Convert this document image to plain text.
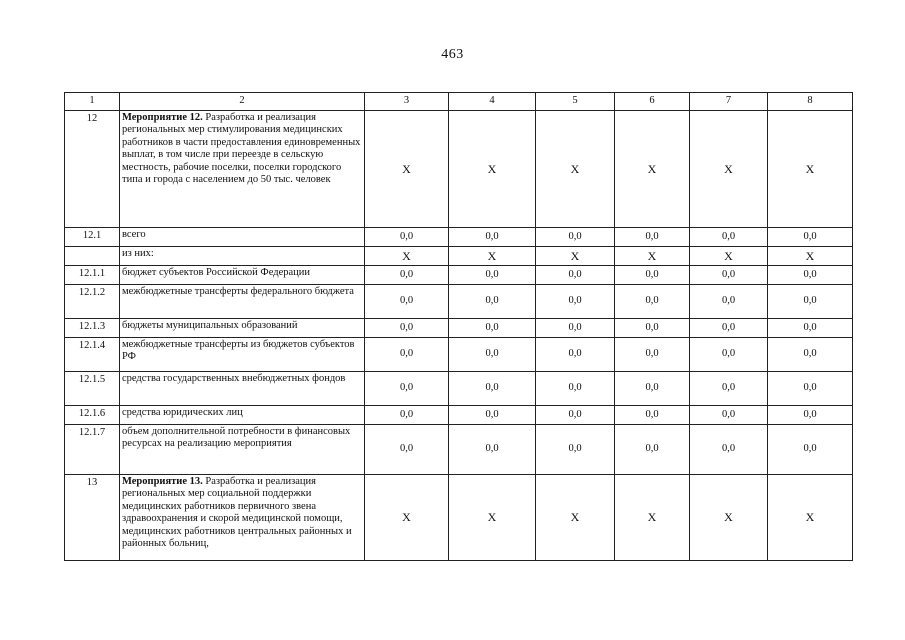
463
1	2	3	4	5	6	7	8
12	Мероприятие 12. Разработка и реализация региональных мер стимулирования медицинских работников в части предоставления единовременных выплат, в том числе при переезде в сельскую местность, рабочие поселки, поселки городского типа и города с населением до 50 тыс. человек	X	X	X	X	X	X
12.1	всего	0,0	0,0	0,0	0,0	0,0	0,0
	из них:	X	X	X	X	X	X
12.1.1	бюджет субъектов Российской Федерации	0,0	0,0	0,0	0,0	0,0	0,0
12.1.2	межбюджетные трансферты федерального бюджета	0,0	0,0	0,0	0,0	0,0	0,0
12.1.3	бюджеты муниципальных образований	0,0	0,0	0,0	0,0	0,0	0,0
12.1.4	межбюджетные трансферты из бюджетов субъектов РФ	0,0	0,0	0,0	0,0	0,0	0,0
12.1.5	средства государственных внебюджетных фондов	0,0	0,0	0,0	0,0	0,0	0,0
12.1.6	средства юридических лиц	0,0	0,0	0,0	0,0	0,0	0,0
12.1.7	объем дополнительной потребности в финансовых ресурсах на реализацию мероприятия	0,0	0,0	0,0	0,0	0,0	0,0
13	Мероприятие 13. Разработка и реализация региональных мер социальной поддержки медицинских работников первичного звена здравоохранения и скорой медицинской помощи, медицинских работников центральных районных и районных больниц,	X	X	X	X	X	X
